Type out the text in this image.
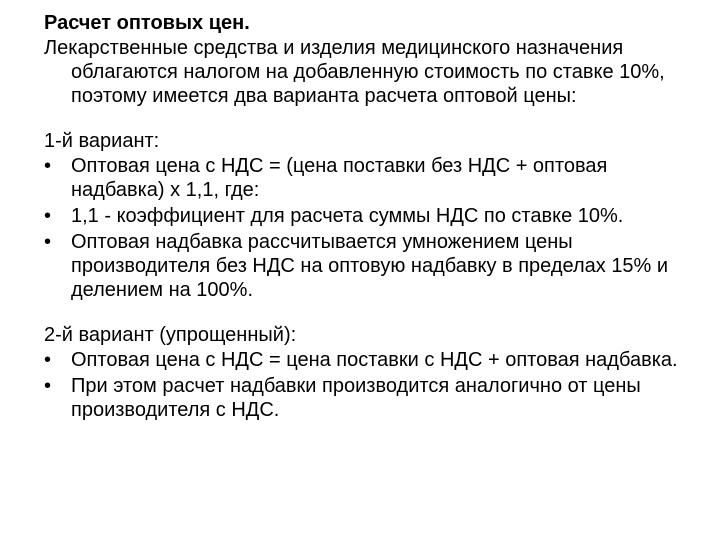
Расчет оптовых цен.

Лекарственные средства и изделия медицинского назначения облагаются налогом на добавленную стоимость по ставке 10%, поэтому имеется два варианта расчета оптовой цены:

1-й вариант:

• Оптовая цена с НДС = (цена поставки без НДС + оптовая надбавка) х 1,1, где:
• 1,1 - коэффициент для расчета суммы НДС по ставке 10%.
• Оптовая надбавка рассчитывается умножением цены производителя без НДС на оптовую надбавку в пределах 15% и делением на 100%.

2-й вариант (упрощенный):

• Оптовая цена с НДС = цена поставки с НДС + оптовая надбавка.
• При этом расчет надбавки производится аналогично от цены производителя с НДС.
